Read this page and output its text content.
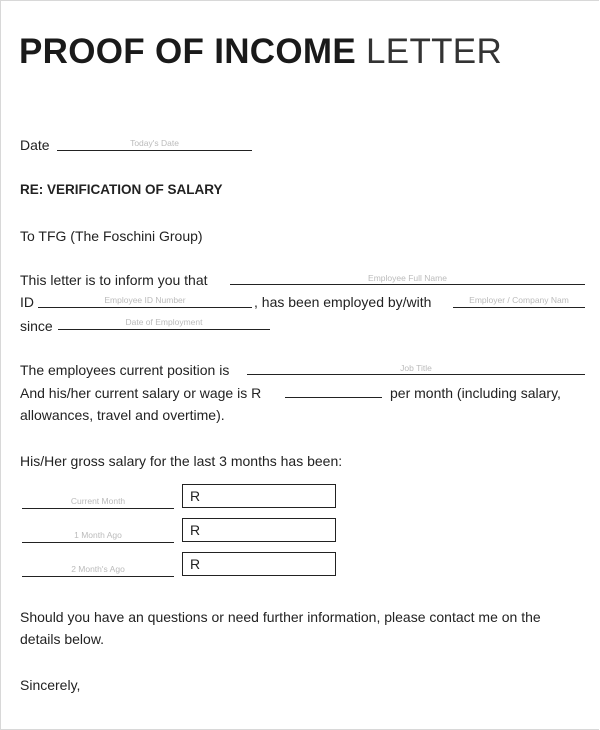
PROOF OF INCOME LETTER
Date	Today's Date
RE: VERIFICATION OF SALARY
To TFG (The Foschini Group)
This letter is to inform you that	Employee Full Name
ID	Employee ID Number	, has been employed by/with	Employer / Company Nam
since	Date of Employment
The employees current position is	Job Title
And his/her current salary or wage is R	per month (including salary,
allowances, travel and overtime).
His/Her gross salary for the last 3 months has been:
Current Month	R
1 Month Ago	R
2 Month's Ago	R
Should you have an questions or need further information, please contact me on the
details below.
Sincerely,
